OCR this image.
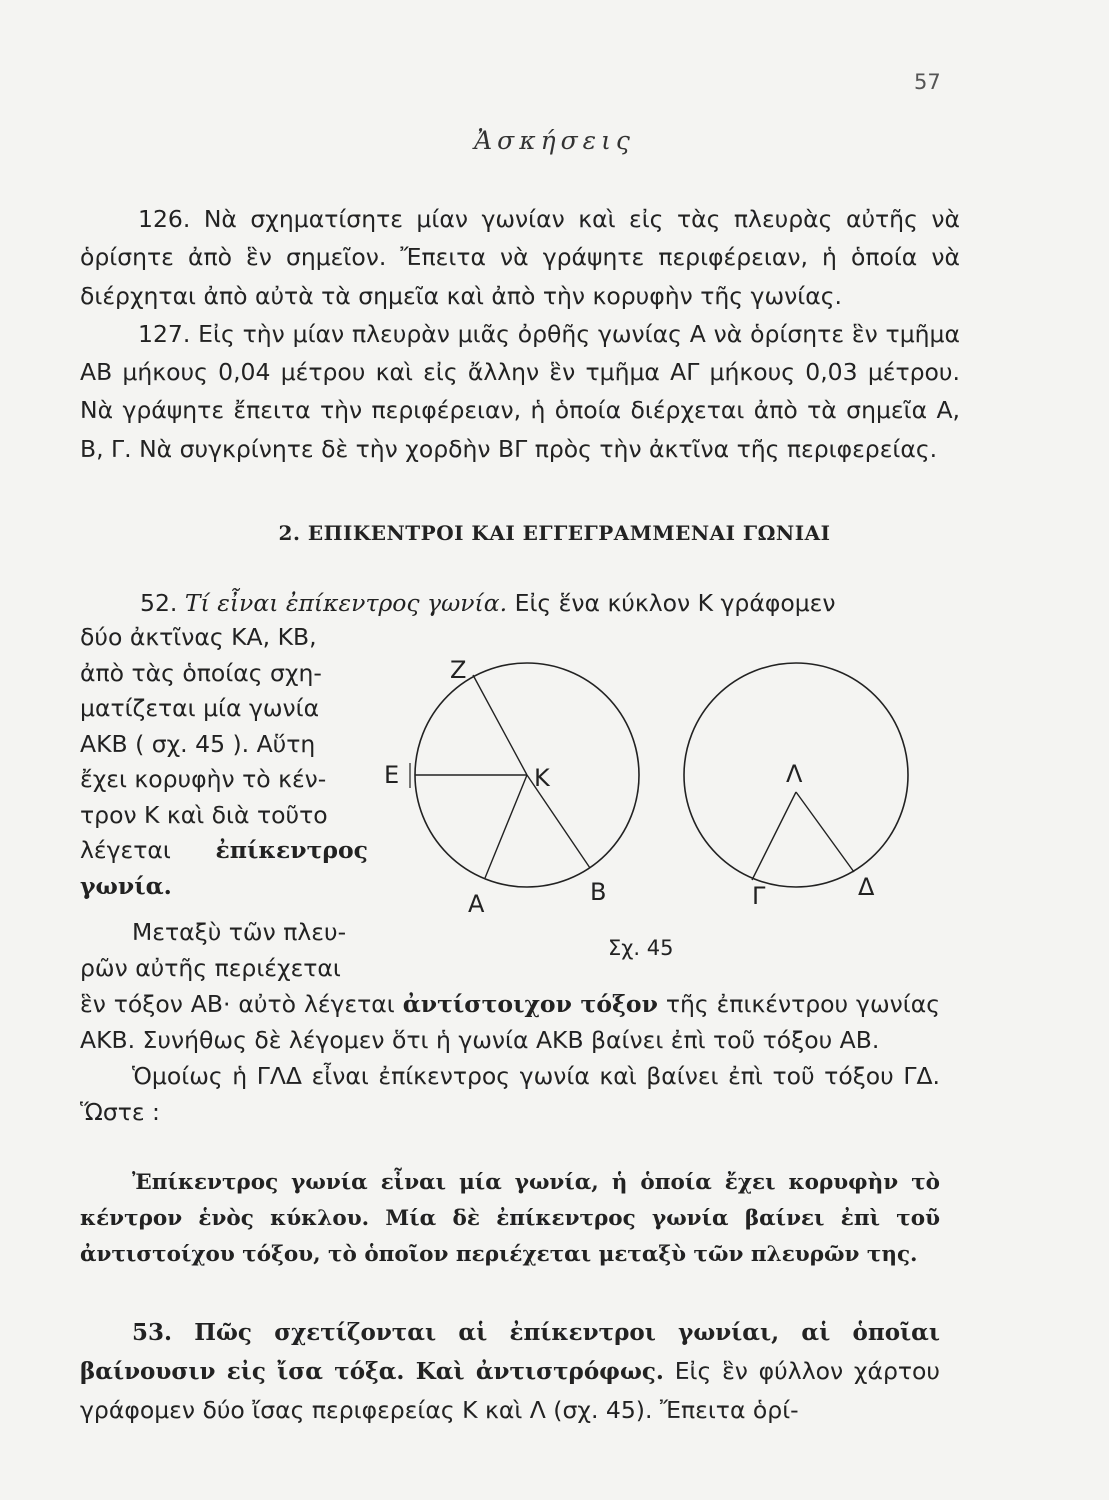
57
Ἀσκήσεις

126. Νὰ σχηματίσητε μίαν γωνίαν καὶ εἰς τὰς πλευρὰς αὐτῆς νὰ ὁρίσητε ἀπὸ ἓν σημεῖον. Ἔπειτα νὰ γράψητε περιφέρειαν, ἡ ὁποία νὰ διέρχηται ἀπὸ αὐτὰ τὰ σημεῖα καὶ ἀπὸ τὴν κορυφὴν τῆς γωνίας.

127. Εἰς τὴν μίαν πλευρὰν μιᾶς ὀρθῆς γωνίας Α νὰ ὁρίσητε ἓν τμῆμα ΑΒ μήκους 0,04 μέτρου καὶ εἰς ἄλλην ἓν τμῆμα ΑΓ μήκους 0,03 μέτρου. Νὰ γράψητε ἔπειτα τὴν περιφέρειαν, ἡ ὁποία διέρχεται ἀπὸ τὰ σημεῖα Α, Β, Γ. Νὰ συγκρίνητε δὲ τὴν χορδὴν ΒΓ πρὸς τὴν ἀκτῖνα τῆς περιφερείας.

2. ΕΠΙΚΕΝΤΡΟΙ ΚΑΙ ΕΓΓΕΓΡΑΜΜΕΝΑΙ ΓΩΝΙΑΙ
52. Τί εἶναι ἐπίκεντρος γωνία. Εἰς ἕνα κύκλον Κ γράφομεν
δύο ἀκτῖνας ΚΑ, ΚΒ,
ἀπὸ τὰς ὁποίας σχη-
ματίζεται μία γωνία
ΑΚΒ ( σχ. 45 ). Αὕτη
ἔχει κορυφὴν τὸ κέν-
τρον Κ καὶ διὰ τοῦτο
λέγεται ἐπίκεντρος
γωνία.
Μεταξὺ τῶν πλευ-
ρῶν αὐτῆς περιέχεται
Z
Ε	K
A	B
Λ
Γ	Δ
Σχ. 45

ἓν τόξον ΑΒ· αὐτὸ λέγεται ἀντίστοιχον τόξον τῆς ἐπικέντρου γωνίας ΑΚΒ. Συνήθως δὲ λέγομεν ὅτι ἡ γωνία ΑΚΒ βαίνει ἐπὶ τοῦ τόξου ΑΒ.

Ὁμοίως ἡ ΓΛΔ εἶναι ἐπίκεντρος γωνία καὶ βαίνει ἐπὶ τοῦ τόξου ΓΔ. Ὥστε :

Ἐπίκεντρος γωνία εἶναι μία γωνία, ἡ ὁποία ἔχει κορυφὴν τὸ κέντρον ἑνὸς κύκλου. Μία δὲ ἐπίκεντρος γωνία βαίνει ἐπὶ τοῦ ἀντιστοίχου τόξου, τὸ ὁποῖον περιέχεται μεταξὺ τῶν πλευρῶν της.

53. Πῶς σχετίζονται αἱ ἐπίκεντροι γωνίαι, αἱ ὁποῖαι βαίνουσιν εἰς ἴσα τόξα. Καὶ ἀντιστρόφως. Εἰς ἓν φύλλον χάρτου γράφομεν δύο ἴσας περιφερείας Κ καὶ Λ (σχ. 45). Ἔπειτα ὁρί-
